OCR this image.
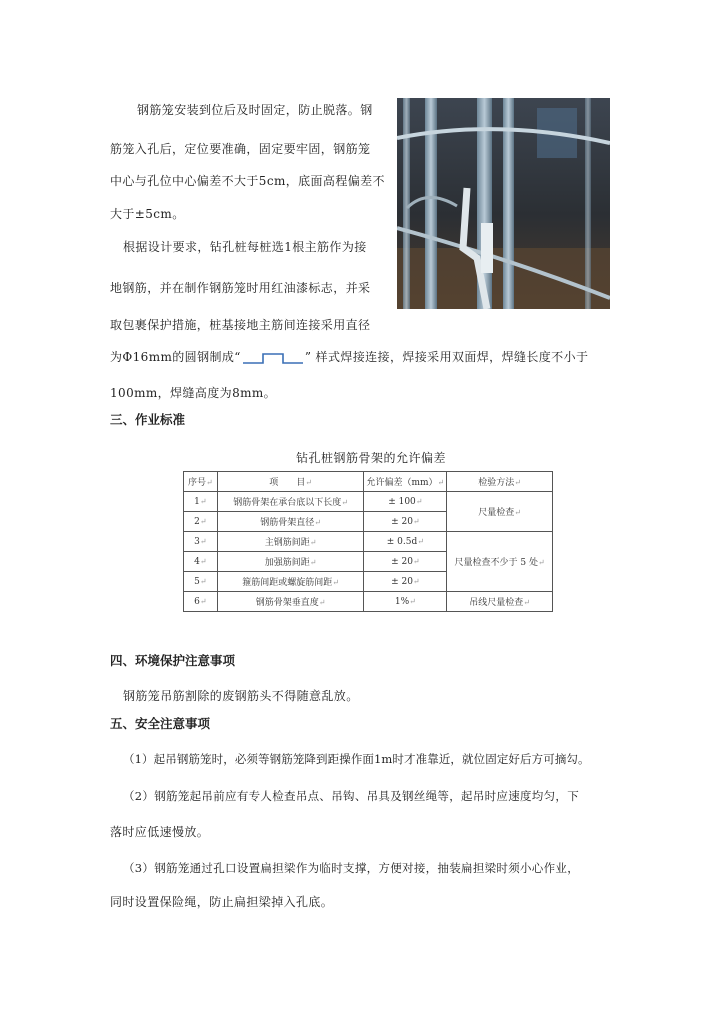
钢筋笼安装到位后及时固定，防止脱落。钢
筋笼入孔后，定位要准确，固定要牢固，钢筋笼
中心与孔位中心偏差不大于5cm，底面高程偏差不
大于±5cm。
根据设计要求，钻孔桩每桩选1根主筋作为接
地钢筋，并在制作钢筋笼时用红油漆标志，并采
取包裹保护措施，桩基接地主筋间连接采用直径
为Φ16mm的圆钢制成“	” 样式焊接连接，焊接采用双面焊，焊缝长度不小于
100mm，焊缝高度为8mm。
三、作业标准
钻孔桩钢筋骨架的允许偏差
序号↵	项　　目↵	允许偏差（mm）↵	检验方法↵
1↵	钢筋骨架在承台底以下长度↵	± 100↵	尺量检查↵
2↵	钢筋骨架直径↵	± 20↵	
3↵	主钢筋间距↵	± 0.5d↵	尺量检查不少于 5 处↵
4↵	加强筋间距↵	± 20↵	
5↵	箍筋间距或螺旋筋间距↵	± 20↵	
6↵	钢筋骨架垂直度↵	1%↵	吊线尺量检查↵
四、环境保护注意事项
钢筋笼吊筋割除的废钢筋头不得随意乱放。
五、安全注意事项
（1）起吊钢筋笼时，必须等钢筋笼降到距操作面1m时才准靠近，就位固定好后方可摘勾。
（2）钢筋笼起吊前应有专人检查吊点、吊钩、吊具及钢丝绳等，起吊时应速度均匀，下
落时应低速慢放。
（3）钢筋笼通过孔口设置扁担梁作为临时支撑，方便对接，抽装扁担梁时须小心作业，
同时设置保险绳，防止扁担梁掉入孔底。
